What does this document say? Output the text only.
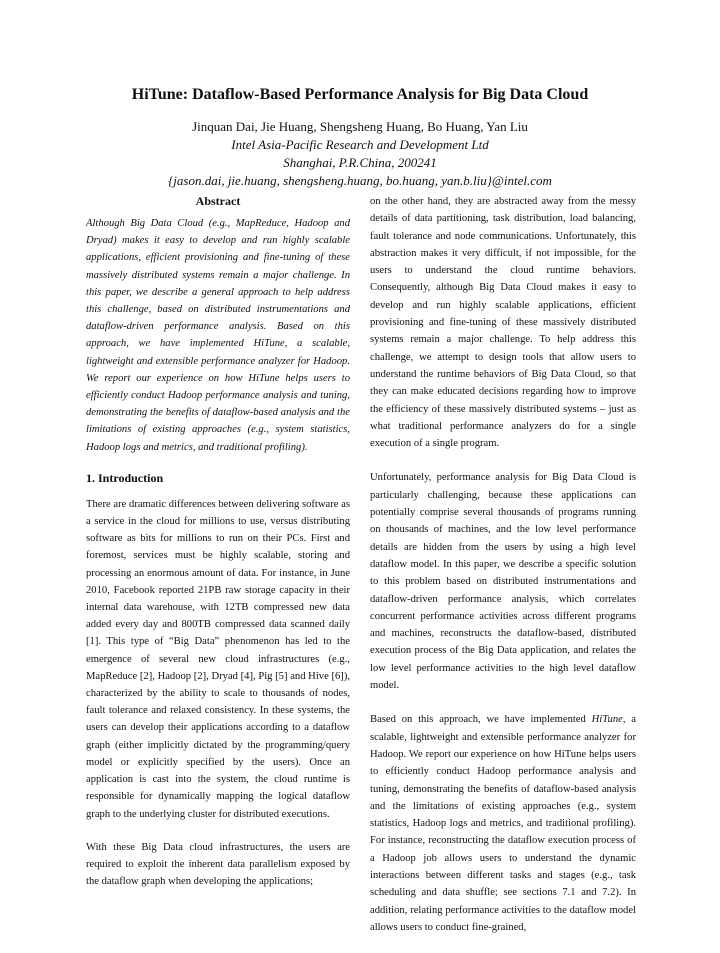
HiTune: Dataflow-Based Performance Analysis for Big Data Cloud
Jinquan Dai, Jie Huang, Shengsheng Huang, Bo Huang, Yan Liu
Intel Asia-Pacific Research and Development Ltd
Shanghai, P.R.China, 200241
{jason.dai, jie.huang, shengsheng.huang, bo.huang, yan.b.liu}@intel.com
Abstract

Although Big Data Cloud (e.g., MapReduce, Hadoop and Dryad) makes it easy to develop and run highly scalable applications, efficient provisioning and fine-tuning of these massively distributed systems remain a major challenge. In this paper, we describe a general approach to help address this challenge, based on distributed instrumentations and dataflow-driven performance analysis. Based on this approach, we have implemented HiTune, a scalable, lightweight and extensible performance analyzer for Hadoop. We report our experience on how HiTune helps users to efficiently conduct Hadoop performance analysis and tuning, demonstrating the benefits of dataflow-based analysis and the limitations of existing approaches (e.g., system statistics, Hadoop logs and metrics, and traditional profiling).

1. Introduction

There are dramatic differences between delivering software as a service in the cloud for millions to use, versus distributing software as bits for millions to run on their PCs. First and foremost, services must be highly scalable, storing and processing an enormous amount of data. For instance, in June 2010, Facebook reported 21PB raw storage capacity in their internal data warehouse, with 12TB compressed new data added every day and 800TB compressed data scanned daily [1]. This type of “Big Data” phenomenon has led to the emergence of several new cloud infrastructures (e.g., MapReduce [2], Hadoop [2], Dryad [4], Pig [5] and Hive [6]), characterized by the ability to scale to thousands of nodes, fault tolerance and relaxed consistency. In these systems, the users can develop their applications according to a dataflow graph (either implicitly dictated by the programming/query model or explicitly specified by the users). Once an application is cast into the system, the cloud runtime is responsible for dynamically mapping the logical dataflow graph to the underlying cluster for distributed executions.

With these Big Data cloud infrastructures, the users are required to exploit the inherent data parallelism exposed by the dataflow graph when developing the applications;

on the other hand, they are abstracted away from the messy details of data partitioning, task distribution, load balancing, fault tolerance and node communications. Unfortunately, this abstraction makes it very difficult, if not impossible, for the users to understand the cloud runtime behaviors. Consequently, although Big Data Cloud makes it easy to develop and run highly scalable applications, efficient provisioning and fine-tuning of these massively distributed systems remain a major challenge. To help address this challenge, we attempt to design tools that allow users to understand the runtime behaviors of Big Data Cloud, so that they can make educated decisions regarding how to improve the efficiency of these massively distributed systems – just as what traditional performance analyzers do for a single execution of a single program.

Unfortunately, performance analysis for Big Data Cloud is particularly challenging, because these applications can potentially comprise several thousands of programs running on thousands of machines, and the low level performance details are hidden from the users by using a high level dataflow model. In this paper, we describe a specific solution to this problem based on distributed instrumentations and dataflow-driven performance analysis, which correlates concurrent performance activities across different programs and machines, reconstructs the dataflow-based, distributed execution process of the Big Data application, and relates the low level performance activities to the high level dataflow model.

Based on this approach, we have implemented HiTune, a scalable, lightweight and extensible performance analyzer for Hadoop. We report our experience on how HiTune helps users to efficiently conduct Hadoop performance analysis and tuning, demonstrating the benefits of dataflow-based analysis and the limitations of existing approaches (e.g., system statistics, Hadoop logs and metrics, and traditional profiling). For instance, reconstructing the dataflow execution process of a Hadoop job allows users to understand the dynamic interactions between different tasks and stages (e.g., task scheduling and data shuffle; see sections 7.1 and 7.2). In addition, relating performance activities to the dataflow model allows users to conduct fine-grained,
